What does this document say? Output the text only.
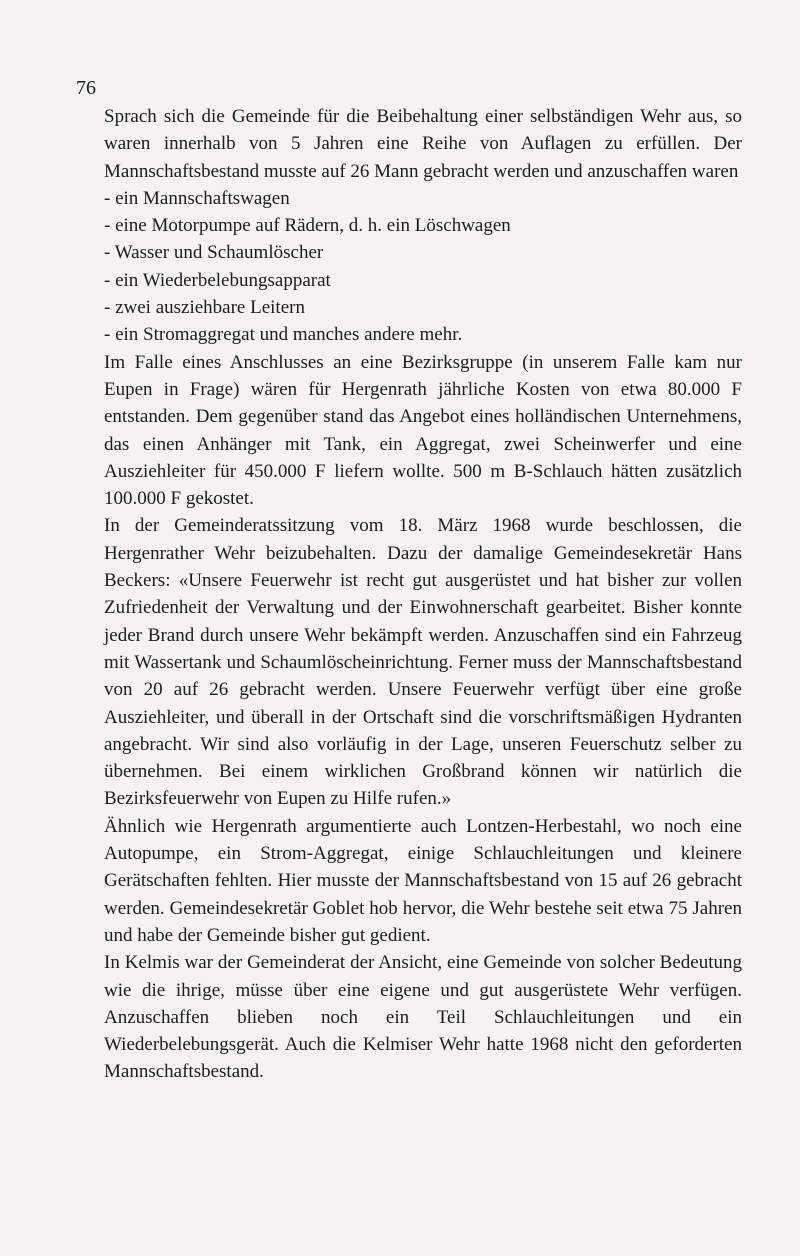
76

Sprach sich die Gemeinde für die Beibehaltung einer selbständigen Wehr aus, so waren innerhalb von 5 Jahren eine Reihe von Auflagen zu erfüllen. Der Mannschaftsbestand musste auf 26 Mann gebracht werden und anzuschaffen waren

- ein Mannschaftswagen
- eine Motorpumpe auf Rädern, d. h. ein Löschwagen
- Wasser und Schaumlöscher
- ein Wiederbelebungsapparat
- zwei ausziehbare Leitern
- ein Stromaggregat und manches andere mehr.

Im Falle eines Anschlusses an eine Bezirksgruppe (in unserem Falle kam nur Eupen in Frage) wären für Hergenrath jährliche Kosten von etwa 80.000 F entstanden. Dem gegenüber stand das Angebot eines holländischen Unternehmens, das einen Anhänger mit Tank, ein Aggregat, zwei Scheinwerfer und eine Ausziehleiter für 450.000 F liefern wollte. 500 m B-Schlauch hätten zusätzlich 100.000 F gekostet.

In der Gemeinderatssitzung vom 18. März 1968 wurde beschlossen, die Hergenrather Wehr beizubehalten. Dazu der damalige Gemeindesekretär Hans Beckers: «Unsere Feuerwehr ist recht gut ausgerüstet und hat bisher zur vollen Zufriedenheit der Verwaltung und der Einwohnerschaft gearbeitet. Bisher konnte jeder Brand durch unsere Wehr bekämpft werden. Anzuschaffen sind ein Fahrzeug mit Wassertank und Schaumlöscheinrichtung. Ferner muss der Mannschaftsbestand von 20 auf 26 gebracht werden. Unsere Feuerwehr verfügt über eine große Ausziehleiter, und überall in der Ortschaft sind die vorschriftsmäßigen Hydranten angebracht. Wir sind also vorläufig in der Lage, unseren Feuerschutz selber zu übernehmen. Bei einem wirklichen Großbrand können wir natürlich die Bezirksfeuerwehr von Eupen zu Hilfe rufen.»

Ähnlich wie Hergenrath argumentierte auch Lontzen-Herbestahl, wo noch eine Autopumpe, ein Strom-Aggregat, einige Schlauchleitungen und kleinere Gerätschaften fehlten. Hier musste der Mannschaftsbestand von 15 auf 26 gebracht werden. Gemeindesekretär Goblet hob hervor, die Wehr bestehe seit etwa 75 Jahren und habe der Gemeinde bisher gut gedient.

In Kelmis war der Gemeinderat der Ansicht, eine Gemeinde von solcher Bedeutung wie die ihrige, müsse über eine eigene und gut ausgerüstete Wehr verfügen. Anzuschaffen blieben noch ein Teil Schlauchleitungen und ein Wiederbelebungsgerät. Auch die Kelmiser Wehr hatte 1968 nicht den geforderten Mannschaftsbestand.
